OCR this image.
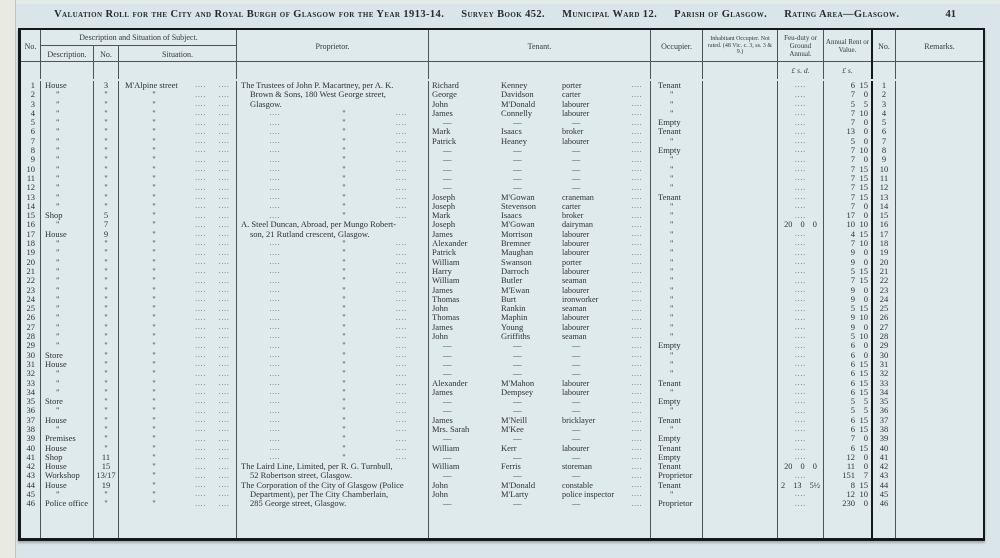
Valuation Roll for the City and Royal Burgh of Glasgow for the Year 1913-14. Survey Book 452. Municipal Ward 12. Parish of Glasgow. Rating Area—Glasgow.	41
No.
Description and Situation of Subject.
Description.	No.	Situation.
Proprietor.	Tenant.	Occupier.
Inhabitant Occupier. Not rated. (48 Vic. c. 3, ss. 3 & 9.)
Feu-duty or Ground Annual.
Annual Rent or Value.	No.	Remarks.
£ s. d.	£ s.
1	House	3	M'Alpine street	....	....	The Trustees of John P. Macartney, per A. K.	Richard	Kenney	porter	....	Tenant	....	6 15	1
2	"	"	"	....	....	Brown & Sons, 180 West George street,	George	Davidson	carter	....	"	....	7	0	2
3	"	"	"	....	....	Glasgow.	John	M'Donald	labourer	....	"	....	5	5	3
4	"	"	"	....	....	....	"	....	James	Connelly	labourer	....	"	....	7 10	4
5	"	"	"	....	....	....	"	....	—	—	—	....	Empty	....	7	0	5
6	"	"	"	....	....	....	"	....	Mark	Isaacs	broker	....	Tenant	....	13	0	6
7	"	"	"	....	....	....	"	....	Patrick	Heaney	labourer	....	"	....	5	0	7
8	"	"	"	....	....	....	"	....	—	—	—	....	Empty	....	7 10	8
9	"	"	"	....	....	....	"	....	—	—	—	....	"	....	7	0	9
10	"	"	"	....	....	....	"	....	—	—	—	....	"	....	7 15	10
11	"	"	"	....	....	....	"	....	—	—	—	....	"	....	7 15	11
12	"	"	"	....	....	....	"	....	—	—	—	....	"	....	7 15	12
13	"	"	"	....	....	....	"	....	Joseph	M'Gowan	craneman	....	Tenant	....	7 15	13
14	"	"	"	....	....	....	"	....	Joseph	Stevenson	carter	....	"	....	7	0	14
15	Shop	5	"	....	....	....	"	....	Mark	Isaacs	broker	....	"	....	17	0	15
16	"	7	"	....	....	A. Steel Duncan, Abroad, per Mungo Robert-	Joseph	M'Gowan	dairyman	....	"	20 0 0	10 10	16
17	House	9	"	....	....	son, 21 Rutland crescent, Glasgow.	James	Morrison	labourer	....	"	....	4 15	17
18	"	"	"	....	....	....	"	....	Alexander	Bremner	labourer	....	"	....	7 10	18
19	"	"	"	....	....	....	"	....	Patrick	Maughan	labourer	....	"	....	9	0	19
20	"	"	"	....	....	....	"	....	William	Swanson	porter	....	"	....	9	0	20
21	"	"	"	....	....	....	"	....	Harry	Darroch	labourer	....	"	....	5 15	21
22	"	"	"	....	....	....	"	....	William	Butler	seaman	....	"	....	7 15	22
23	"	"	"	....	....	....	"	....	James	M'Ewan	labourer	....	"	....	9	0	23
24	"	"	"	....	....	....	"	....	Thomas	Burt	ironworker	....	"	....	9	0	24
25	"	"	"	....	....	....	"	....	John	Rankin	seaman	....	"	....	5 15	25
26	"	"	"	....	....	....	"	....	Thomas	Maphin	labourer	....	"	....	9 10	26
27	"	"	"	....	....	....	"	....	James	Young	labourer	....	"	....	9	0	27
28	"	"	"	....	....	....	"	....	John	Griffiths	seaman	....	"	....	5 10	28
29	"	"	"	....	....	....	"	....	—	—	—	....	Empty	....	6	0	29
30	Store	"	"	....	....	....	"	....	—	—	—	....	"	....	6	0	30
31	House	"	"	....	....	....	"	....	—	—	—	....	"	....	6 15	31
32	"	"	"	....	....	....	"	....	—	—	—	....	"	....	6 15	32
33	"	"	"	....	....	....	"	....	Alexander	M'Mahon	labourer	....	Tenant	....	6 15	33
34	"	"	"	....	....	....	"	....	James	Dempsey	labourer	....	"	....	6 15	34
35	Store	"	"	....	....	....	"	....	—	—	—	....	Empty	....	5	5	35
36	"	"	"	....	....	....	"	....	—	—	—	....	"	....	5	5	36
37	House	"	"	....	....	....	"	....	James	M'Neill	bricklayer	....	Tenant	....	6 15	37
38	"	"	"	....	....	....	"	....	Mrs. Sarah	M'Kee	—	....	"	....	6 15	38
39	Premises	"	"	....	....	....	"	....	—	—	—	....	Empty	....	7	0	39
40	House	"	"	....	....	....	"	....	William	Kerr	labourer	....	Tenant	....	6 15	40
41	Shop	11	"	....	....	....	"	....	—	—	—	....	Empty	....	12	0	41
42	House	15	"	....	....	The Laird Line, Limited, per R. G. Turnbull,	William	Ferris	storeman	....	Tenant	20 0 0	11	0	42
43	Workshop	13/17	"	....	....	52 Robertson street, Glasgow.	—	—	—	....	Proprietor	....	151	7	43
44	House	19	"	....	....	The Corporation of the City of Glasgow (Police	John	M'Donald	constable	....	Tenant	2 13 5½	8 15	44
45	"	"	"	....	....	Department), per The City Chamberlain,	John	M'Larty	police inspector	....	"	....	12 10	45
46	Police office	"	"	....	....	285 George street, Glasgow.	—	—	—	....	Proprietor	....	230	0	46
